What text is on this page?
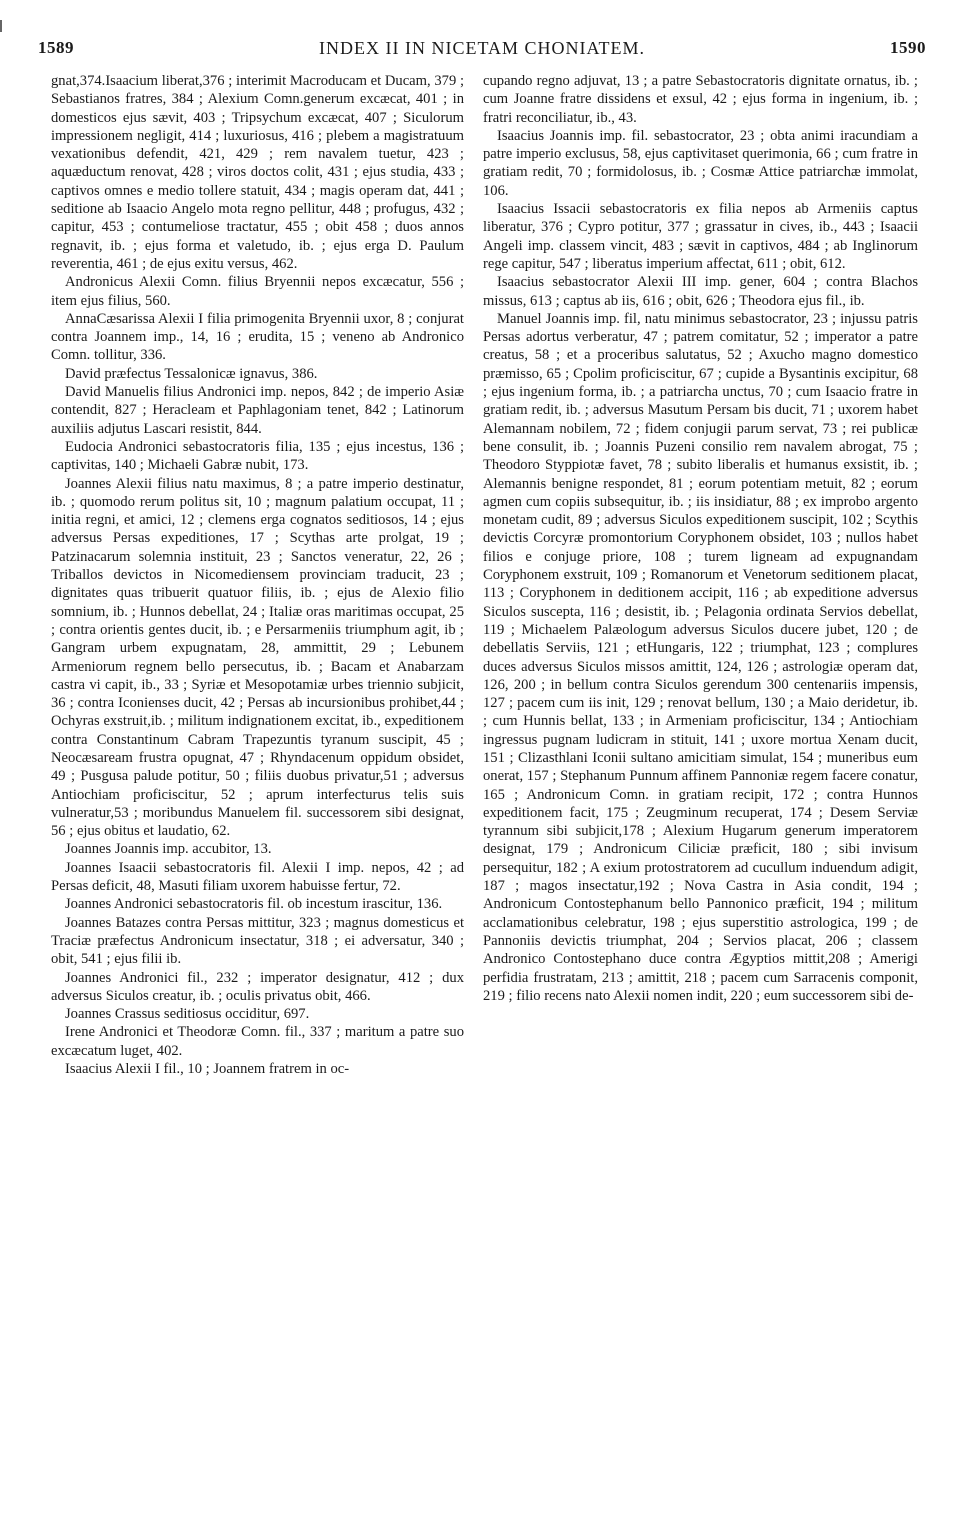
1589	INDEX II IN NICETAM CHONIATEM.	1590

gnat,374.Isaacium liberat,376 ; interimit Macroducam et Ducam, 379 ; Sebastianos fratres, 384 ; Alexium Comn.generum excæcat, 401 ; in domesticos ejus sævit, 403 ; Tripsychum excæcat, 407 ; Siculorum impressionem negligit, 414 ; luxuriosus, 416 ; plebem a magistratuum vexationibus defendit, 421, 429 ; rem navalem tuetur, 423 ; aquæductum renovat, 428 ; viros doctos colit, 431 ; ejus studia, 433 ; captivos omnes e medio tollere statuit, 434 ; magis operam dat, 441 ; seditione ab Isaacio Angelo mota regno pellitur, 448 ; profugus, 432 ; capitur, 453 ; contumeliose tractatur, 455 ; obit 458 ; duos annos regnavit, ib. ; ejus forma et valetudo, ib. ; ejus erga D. Paulum reverentia, 461 ; de ejus exitu versus, 462.

Andronicus Alexii Comn. filius Bryennii nepos excæcatur, 556 ; item ejus filius, 560.

AnnaCæsarissa Alexii I filia primogenita Bryennii uxor, 8 ; conjurat contra Joannem imp., 14, 16 ; erudita, 15 ; veneno ab Andronico Comn. tollitur, 336.

David præfectus Tessalonicæ ignavus, 386.

David Manuelis filius Andronici imp. nepos, 842 ; de imperio Asiæ contendit, 827 ; Heracleam et Paphlagoniam tenet, 842 ; Latinorum auxiliis adjutus Lascari resistit, 844.

Eudocia Andronici sebastocratoris filia, 135 ; ejus incestus, 136 ; captivitas, 140 ; Michaeli Gabræ nubit, 173.

Joannes Alexii filius natu maximus, 8 ; a patre imperio destinatur, ib. ; quomodo rerum politus sit, 10 ; magnum palatium occupat, 11 ; initia regni, et amici, 12 ; clemens erga cognatos seditiosos, 14 ; ejus adversus Persas expeditiones, 17 ; Scythas arte prolgat, 19 ; Patzinacarum solemnia instituit, 23 ; Sanctos veneratur, 22, 26 ; Triballos devictos in Nicomediensem provinciam traducit, 23 ; dignitates quas tribuerit quatuor filiis, ib. ; ejus de Alexio filio somnium, ib. ; Hunnos debellat, 24 ; Italiæ oras maritimas occupat, 25 ; contra orientis gentes ducit, ib. ; e Persarmeniis triumphum agit, ib ; Gangram urbem expugnatam, 28, ammittit, 29 ; Lebunem Armeniorum regnem bello persecutus, ib. ; Bacam et Anabarzam castra vi capit, ib., 33 ; Syriæ et Mesopotamiæ urbes triennio subjicit, 36 ; contra Iconienses ducit, 42 ; Persas ab incursionibus prohibet,44 ; Ochyras exstruit,ib. ; militum indignationem excitat, ib., expeditionem contra Constantinum Cabram Trapezuntis tyranum suscipit, 45 ; Neocæsaream frustra opugnat, 47 ; Rhyndacenum oppidum obsidet, 49 ; Pusgusa palude potitur, 50 ; filiis duobus privatur,51 ; adversus Antiochiam proficiscitur, 52 ; aprum interfecturus telis suis vulneratur,53 ; moribundus Manuelem fil. successorem sibi designat, 56 ; ejus obitus et laudatio, 62.

Joannes Joannis imp. accubitor, 13.

Joannes Isaacii sebastocratoris fil. Alexii I imp. nepos, 42 ; ad Persas deficit, 48, Masuti filiam uxorem habuisse fertur, 72.

Joannes Andronici sebastocratoris fil. ob incestum irascitur, 136.

Joannes Batazes contra Persas mittitur, 323 ; magnus domesticus et Traciæ præfectus Andronicum insectatur, 318 ; ei adversatur, 340 ; obit, 541 ; ejus filii ib.

Joannes Andronici fil., 232 ; imperator designatur, 412 ; dux adversus Siculos creatur, ib. ; oculis privatus obit, 466.

Joannes Crassus seditiosus occiditur, 697.

Irene Andronici et Theodoræ Comn. fil., 337 ; maritum a patre suo excæcatum luget, 402.

Isaacius Alexii I fil., 10 ; Joannem fratrem in oc-

cupando regno adjuvat, 13 ; a patre Sebastocratoris dignitate ornatus, ib. ; cum Joanne fratre dissidens et exsul, 42 ; ejus forma in ingenium, ib. ; fratri reconciliatur, ib., 43.

Isaacius Joannis imp. fil. sebastocrator, 23 ; obta animi iracundiam a patre imperio exclusus, 58, ejus captivitaset querimonia, 66 ; cum fratre in gratiam redit, 70 ; formidolosus, ib. ; Cosmæ Attice patriarchæ immolat, 106.

Isaacius Issacii sebastocratoris ex filia nepos ab Armeniis captus liberatur, 376 ; Cypro potitur, 377 ; grassatur in cives, ib., 443 ; Isaacii Angeli imp. classem vincit, 483 ; sævit in captivos, 484 ; ab Inglinorum rege capitur, 547 ; liberatus imperium affectat, 611 ; obit, 612.

Isaacius sebastocrator Alexii III imp. gener, 604 ; contra Blachos missus, 613 ; captus ab iis, 616 ; obit, 626 ; Theodora ejus fil., ib.

Manuel Joannis imp. fil, natu minimus sebastocrator, 23 ; injussu patris Persas adortus verberatur, 47 ; patrem comitatur, 52 ; imperator a patre creatus, 58 ; et a proceribus salutatus, 52 ; Axucho magno domestico præmisso, 65 ; Cpolim proficiscitur, 67 ; cupide a Bysantinis excipitur, 68 ; ejus ingenium forma, ib. ; a patriarcha unctus, 70 ; cum Isaacio fratre in gratiam redit, ib. ; adversus Masutum Persam bis ducit, 71 ; uxorem habet Alemannam nobilem, 72 ; fidem conjugii parum servat, 73 ; rei publicæ bene consulit, ib. ; Joannis Puzeni consilio rem navalem abrogat, 75 ; Theodoro Styppiotæ favet, 78 ; subito liberalis et humanus exsistit, ib. ; Alemannis benigne respondet, 81 ; eorum potentiam metuit, 82 ; eorum agmen cum copiis subsequitur, ib. ; iis insidiatur, 88 ; ex improbo argento monetam cudit, 89 ; adversus Siculos expeditionem suscipit, 102 ; Scythis devictis Corcyræ promontorium Coryphonem obsidet, 103 ; nullos habet filios e conjuge priore, 108 ; turem ligneam ad expugnandam Coryphonem exstruit, 109 ; Romanorum et Venetorum seditionem placat, 113 ; Coryphonem in deditionem accipit, 116 ; ab expeditione adversus Siculos suscepta, 116 ; desistit, ib. ; Pelagonia ordinata Servios debellat, 119 ; Michaelem Palæologum adversus Siculos ducere jubet, 120 ; de debellatis Serviis, 121 ; etHungaris, 122 ; triumphat, 123 ; complures duces adversus Siculos missos amittit, 124, 126 ; astrologiæ operam dat, 126, 200 ; in bellum contra Siculos gerendum 300 centenariis impensis, 127 ; pacem cum iis init, 129 ; renovat bellum, 130 ; a Maio deridetur, ib. ; cum Hunnis bellat, 133 ; in Armeniam proficiscitur, 134 ; Antiochiam ingressus pugnam ludicram in stituit, 141 ; uxore mortua Xenam ducit, 151 ; Clizasthlani Iconii sultano amicitiam simulat, 154 ; muneribus eum onerat, 157 ; Stephanum Punnum affinem Pannoniæ regem facere conatur, 165 ; Andronicum Comn. in gratiam recipit, 172 ; contra Hunnos expeditionem facit, 175 ; Zeugminum recuperat, 174 ; Desem Serviæ tyrannum sibi subjicit,178 ; Alexium Hugarum generum imperatorem designat, 179 ; Andronicum Ciliciæ præficit, 180 ; sibi invisum persequitur, 182 ; A exium protostratorem ad cucullum induendum adigit, 187 ; magos insectatur,192 ; Nova Castra in Asia condit, 194 ; Andronicum Contostephanum bello Pannonico præficit, 194 ; militum acclamationibus celebratur, 198 ; ejus superstitio astrologica, 199 ; de Pannoniis devictis triumphat, 204 ; Servios placat, 206 ; classem Andronico Contostephano duce contra Ægyptios mittit,208 ; Amerigi perfidia frustratam, 213 ; amittit, 218 ; pacem cum Sarracenis componit, 219 ; filio recens nato Alexii nomen indit, 220 ; eum successorem sibi de-
